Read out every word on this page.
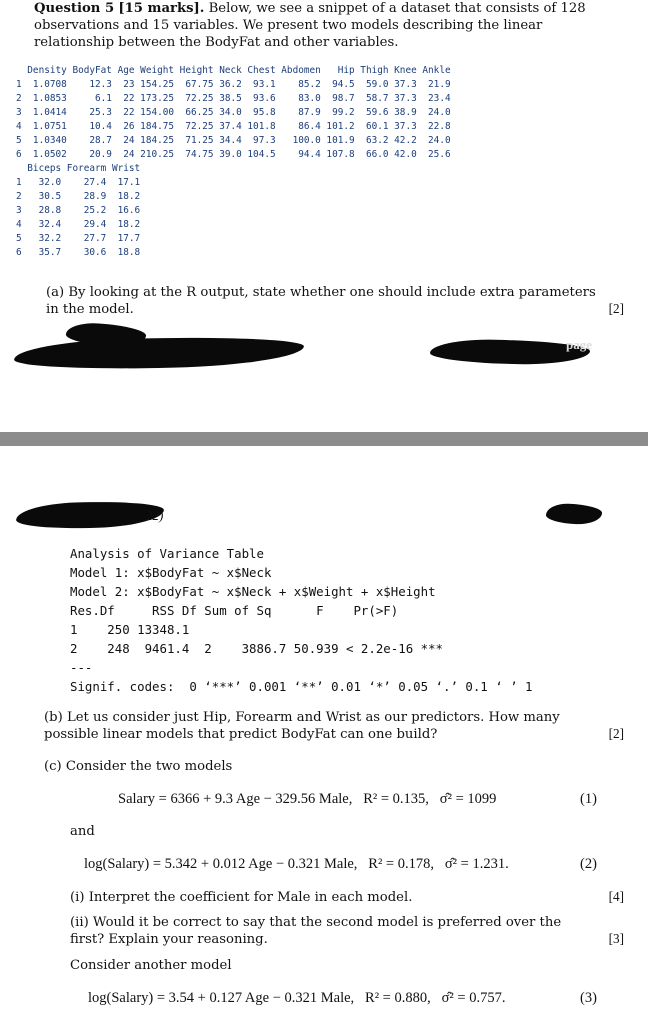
Question 5 [15 marks]. Below, we see a snippet of a dataset that consists of 128 observations and 15 variables. We present two models describing the linear relationship between the BodyFat and other variables.
Density BodyFat Age Weight Height Neck Chest Abdomen   Hip Thigh Knee Ankle
1  1.0708    12.3  23 154.25  67.75 36.2  93.1    85.2  94.5  59.0 37.3  21.9
2  1.0853     6.1  22 173.25  72.25 38.5  93.6    83.0  98.7  58.7 37.3  23.4
3  1.0414    25.3  22 154.00  66.25 34.0  95.8    87.9  99.2  59.6 38.9  24.0
4  1.0751    10.4  26 184.75  72.25 37.4 101.8    86.4 101.2  60.1 37.3  22.8
5  1.0340    28.7  24 184.25  71.25 34.4  97.3   100.0 101.9  63.2 42.2  24.0
6  1.0502    20.9  24 210.25  74.75 39.0 104.5    94.4 107.8  66.0 42.0  25.6
Biceps Forearm Wrist
1   32.0    27.4  17.1
2   30.5    28.9  18.2
3   28.8    25.2  16.6
4   32.4    29.4  18.2
5   32.2    27.7  17.7
6   35.7    30.6  18.8
(a) By looking at the R output, state whether one should include extra parameters in the model.	[2]
page
22)
Analysis of Variance Table
Model 1: x$BodyFat ~ x$Neck
Model 2: x$BodyFat ~ x$Neck + x$Weight + x$Height
Res.Df     RSS Df Sum of Sq      F    Pr(>F)
1    250 13348.1
2    248  9461.4  2    3886.7 50.939 < 2.2e-16 ***
---
Signif. codes:  0 ‘***’ 0.001 ‘**’ 0.01 ‘*’ 0.05 ‘.’ 0.1 ‘ ’ 1
(b) Let us consider just Hip, Forearm and Wrist as our predictors. How many possible linear models that predict BodyFat can one build?	[2]
(c) Consider the two models
Salary = 6366 + 9.3 Age − 329.56 Male,   R² = 0.135,   σ̂² = 1099	(1)
and
log(Salary) = 5.342 + 0.012 Age − 0.321 Male,   R² = 0.178,   σ̂² = 1.231.	(2)
(i) Interpret the coefficient for Male in each model.	[4]
(ii) Would it be correct to say that the second model is preferred over the first? Explain your reasoning.	[3]
Consider another model
log(Salary) = 3.54 + 0.127 Age − 0.321 Male,   R² = 0.880,   σ̂² = 0.757.	(3)
